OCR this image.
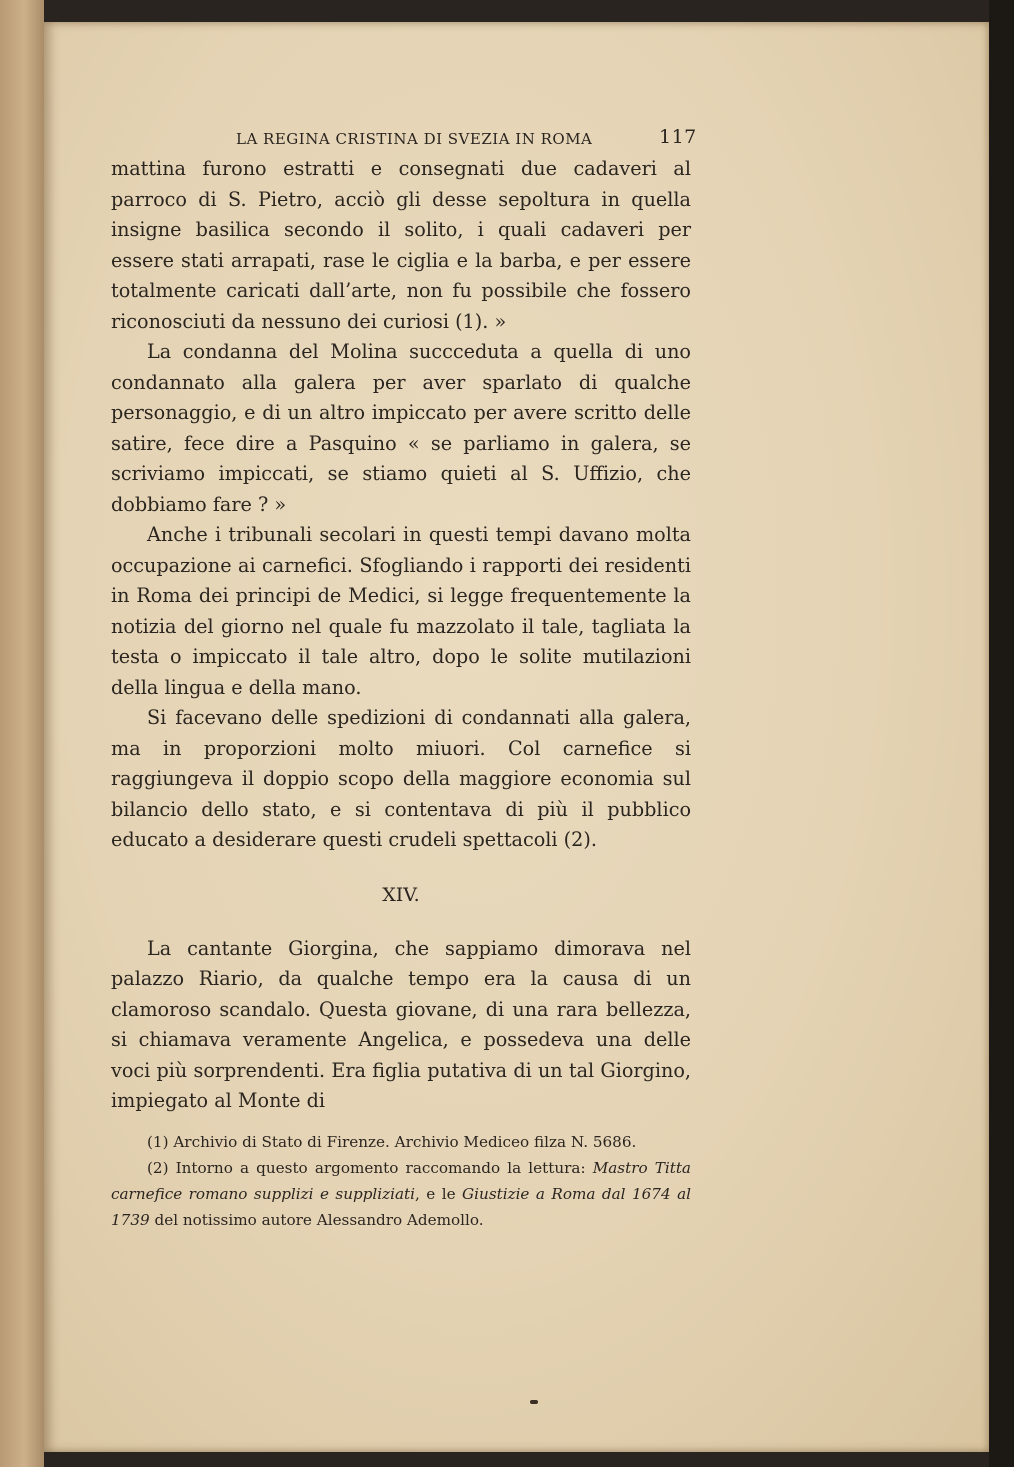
LA REGINA CRISTINA DI SVEZIA IN ROMA	117

mattina furono estratti e consegnati due cadaveri al parroco di S. Pietro, acciò gli desse sepoltura in quella insigne basilica secondo il solito, i quali cadaveri per essere stati arrapati, rase le ciglia e la barba, e per essere totalmente caricati dall’arte, non fu possibile che fossero riconosciuti da nessuno dei curiosi (1). »

La condanna del Molina succceduta a quella di uno condannato alla galera per aver sparlato di qualche personaggio, e di un altro impiccato per avere scritto delle satire, fece dire a Pasquino « se parliamo in galera, se scriviamo impiccati, se stiamo quieti al S. Uffizio, che dobbiamo fare ? »

Anche i tribunali secolari in questi tempi davano molta occupazione ai carnefici. Sfogliando i rapporti dei residenti in Roma dei principi de Medici, si legge frequentemente la notizia del giorno nel quale fu mazzolato il tale, tagliata la testa o impiccato il tale altro, dopo le solite mutilazioni della lingua e della mano.

Si facevano delle spedizioni di condannati alla galera, ma in proporzioni molto miuori. Col carnefice si raggiungeva il doppio scopo della maggiore economia sul bilancio dello stato, e si contentava di più il pubblico educato a desiderare questi crudeli spettacoli (2).

XIV.

La cantante Giorgina, che sappiamo dimorava nel palazzo Riario, da qualche tempo era la causa di un clamoroso scandalo. Questa giovane, di una rara bellezza, si chiamava veramente Angelica, e possedeva una delle voci più sorprendenti. Era figlia putativa di un tal Giorgino, impiegato al Monte di

(1) Archivio di Stato di Firenze. Archivio Mediceo filza N. 5686.

(2) Intorno a questo argomento raccomando la lettura: Mastro Titta carnefice romano supplizi e suppliziati, e le Giustizie a Roma dal 1674 al 1739 del notissimo autore Alessandro Ademollo.
